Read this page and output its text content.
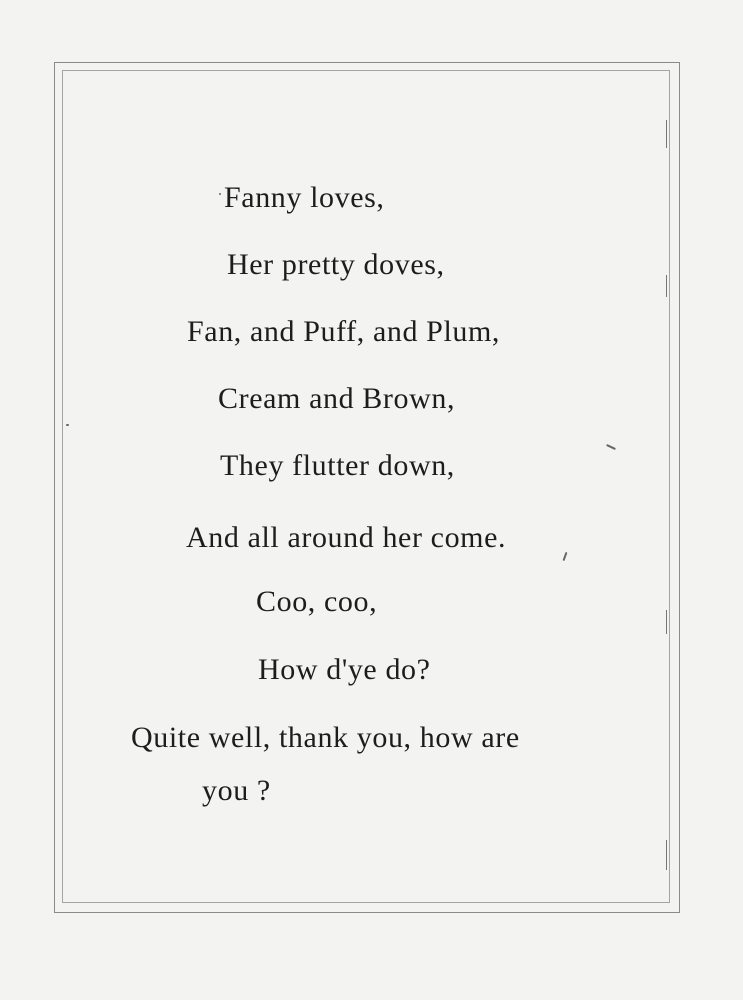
Fanny loves,
Her pretty doves,
Fan, and Puff, and Plum,
Cream and Brown,
They flutter down,
And all around her come.
Coo, coo,
How d'ye do?
Quite well, thank you, how are
you ?
